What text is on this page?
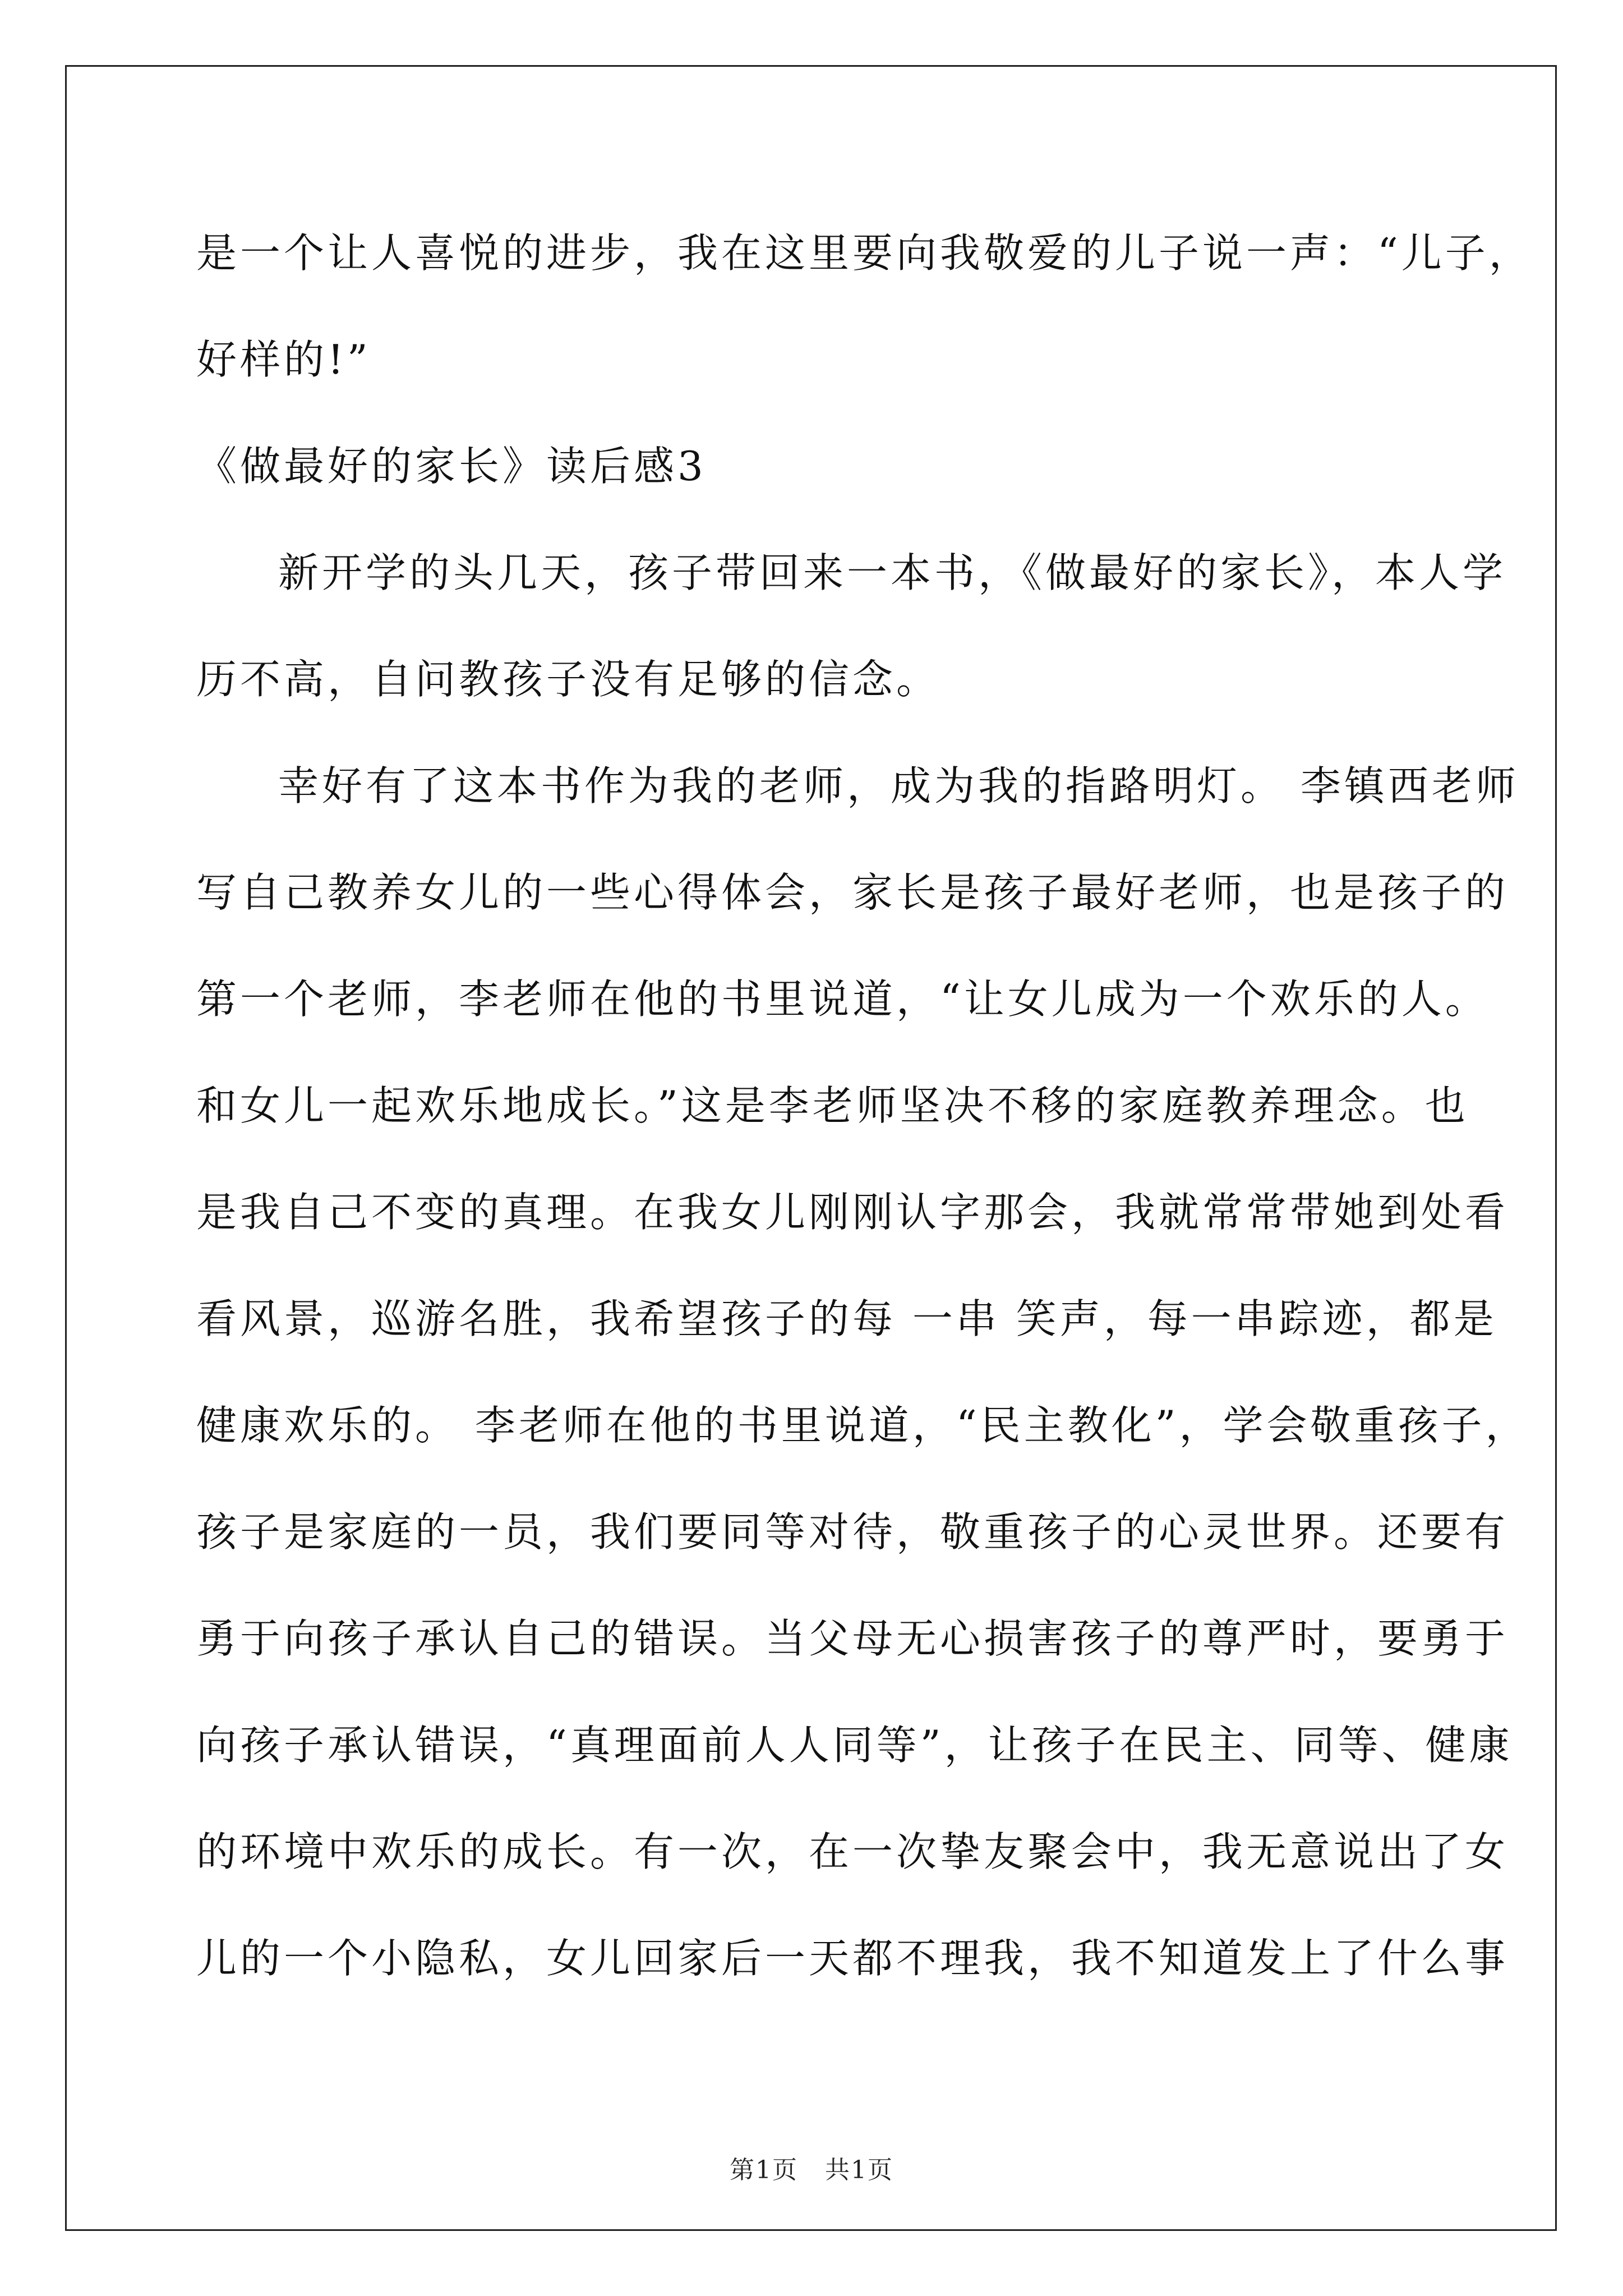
是一个让人喜悦的进步，我在这里要向我敬爱的儿子说一声：“儿子，
好样的!”
《做最好的家长》读后感3
新开学的头几天，孩子带回来一本书，《做最好的家长》，本人学
历不高，自问教孩子没有足够的信念。
幸好有了这本书作为我的老师，成为我的指路明灯。 李镇西老师
写自己教养女儿的一些心得体会，家长是孩子最好老师，也是孩子的
第一个老师，李老师在他的书里说道，“让女儿成为一个欢乐的人。
和女儿一起欢乐地成长。”这是李老师坚决不移的家庭教养理念。也
是我自己不变的真理。在我女儿刚刚认字那会，我就常常带她到处看
看风景，巡游名胜，我希望孩子的每 一串 笑声，每一串踪迹，都是
健康欢乐的。 李老师在他的书里说道，“民主教化”，学会敬重孩子，
孩子是家庭的一员，我们要同等对待，敬重孩子的心灵世界。还要有
勇于向孩子承认自己的错误。当父母无心损害孩子的尊严时，要勇于
向孩子承认错误，“真理面前人人同等”，让孩子在民主、同等、健康
的环境中欢乐的成长。有一次，在一次挚友聚会中，我无意说出了女
儿的一个小隐私，女儿回家后一天都不理我，我不知道发上了什么事
第1页   共1页
